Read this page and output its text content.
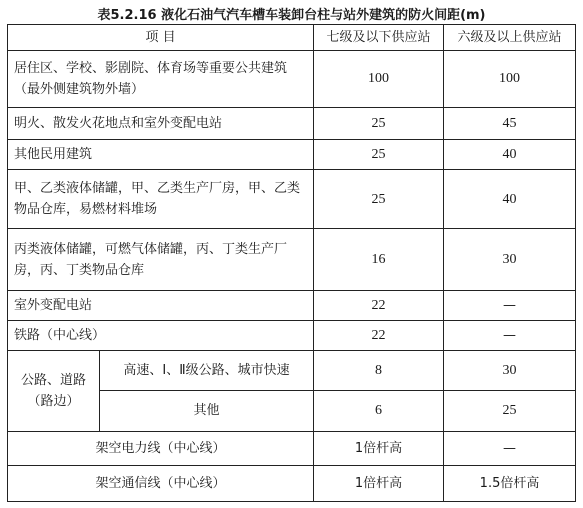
表5.2.16 液化石油气汽车槽车装卸台柱与站外建筑的防火间距(m)
项 目		七级及以下供应站	六级及以上供应站
居住区、学校、影剧院、体育场等重要公共建筑（最外侧建筑物外墙）		100	100
明火、散发火花地点和室外变配电站		25	45
其他民用建筑		25	40
甲、乙类液体储罐，甲、乙类生产厂房，甲、乙类物品仓库，易燃材料堆场		25	40
丙类液体储罐，可燃气体储罐，丙、丁类生产厂房，丙、丁类物品仓库		16	30
室外变配电站		22	—
铁路（中心线）		22	—
公路、道路（路边）	高速、Ⅰ、Ⅱ级公路、城市快速	8	30
	其他	6	25
架空电力线（中心线）		1倍杆高	—
架空通信线（中心线）		1倍杆高	1.5倍杆高
